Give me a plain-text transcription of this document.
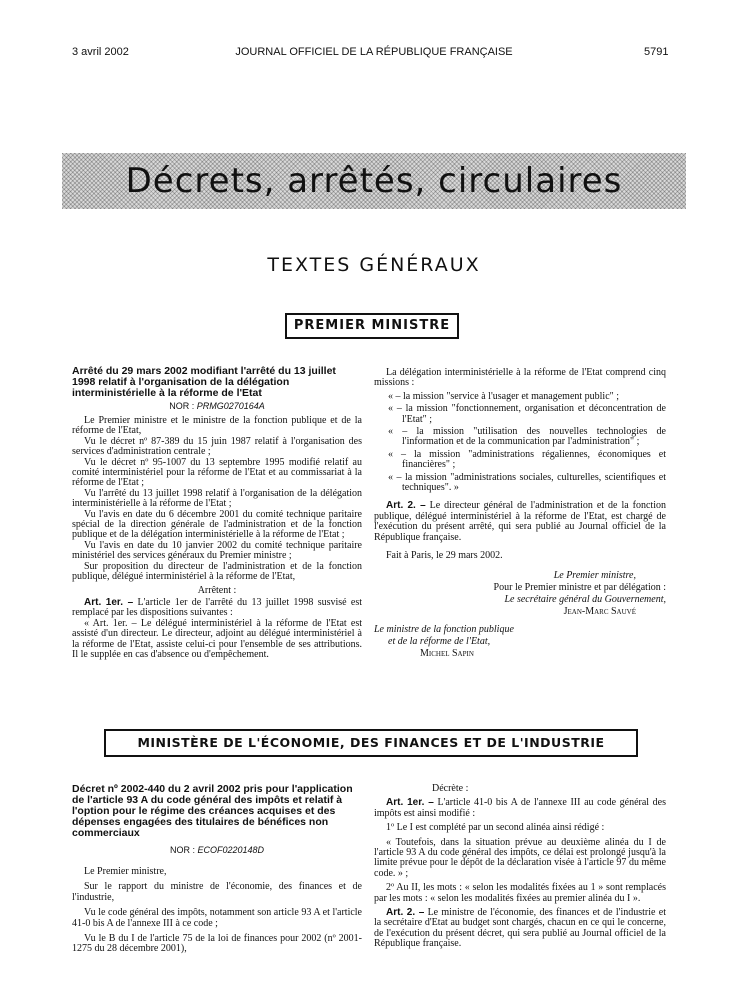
3 avril 2002	JOURNAL OFFICIEL DE LA RÉPUBLIQUE FRANÇAISE	5791
Décrets, arrêtés, circulaires
TEXTES GÉNÉRAUX
PREMIER MINISTRE
Arrêté du 29 mars 2002 modifiant l'arrêté du 13 juillet 1998 relatif à l'organisation de la délégation interministérielle à la réforme de l'Etat
NOR : PRMG0270164A

Le Premier ministre et le ministre de la fonction publique et de la réforme de l'Etat,

Vu le décret nº 87-389 du 15 juin 1987 relatif à l'organisation des services d'administration centrale ;

Vu le décret nº 95-1007 du 13 septembre 1995 modifié relatif au comité interministériel pour la réforme de l'Etat et au commissariat à la réforme de l'Etat ;

Vu l'arrêté du 13 juillet 1998 relatif à l'organisation de la délégation interministérielle à la réforme de l'Etat ;

Vu l'avis en date du 6 décembre 2001 du comité technique paritaire spécial de la direction générale de l'administration et de la fonction publique et de la délégation interministérielle à la réforme de l'Etat ;

Vu l'avis en date du 10 janvier 2002 du comité technique paritaire ministériel des services généraux du Premier ministre ;

Sur proposition du directeur de l'administration et de la fonction publique, délégué interministériel à la réforme de l'Etat,

Arrêtent :

Art. 1er. – L'article 1er de l'arrêté du 13 juillet 1998 susvisé est remplacé par les dispositions suivantes :

« Art. 1er. – Le délégué interministériel à la réforme de l'Etat est assisté d'un directeur. Le directeur, adjoint au délégué interministériel à la réforme de l'Etat, assiste celui-ci pour l'ensemble de ses attributions. Il le supplée en cas d'absence ou d'empêchement.

La délégation interministérielle à la réforme de l'Etat comprend cinq missions :

« – la mission "service à l'usager et management public" ;

« – la mission "fonctionnement, organisation et déconcentration de l'Etat" ;

« – la mission "utilisation des nouvelles technologies de l'information et de la communication par l'administration" ;

« – la mission "administrations régaliennes, économiques et financières" ;

« – la mission "administrations sociales, culturelles, scientifiques et techniques". »

Art. 2. – Le directeur général de l'administration et de la fonction publique, délégué interministériel à la réforme de l'Etat, est chargé de l'exécution du présent arrêté, qui sera publié au Journal officiel de la République française.

Fait à Paris, le 29 mars 2002.

Le Premier ministre,
Pour le Premier ministre et par délégation :
Le secrétaire général du Gouvernement,
Jean-Marc Sauvé
Le ministre de la fonction publique
et de la réforme de l'Etat,
Michel Sapin
MINISTÈRE DE L'ÉCONOMIE, DES FINANCES ET DE L'INDUSTRIE
Décret nº 2002-440 du 2 avril 2002 pris pour l'application de l'article 93 A du code général des impôts et relatif à l'option pour le régime des créances acquises et des dépenses engagées des titulaires de bénéfices non commerciaux
NOR : ECOF0220148D

Le Premier ministre,

Sur le rapport du ministre de l'économie, des finances et de l'industrie,

Vu le code général des impôts, notamment son article 93 A et l'article 41-0 bis A de l'annexe III à ce code ;

Vu le B du I de l'article 75 de la loi de finances pour 2002 (nº 2001-1275 du 28 décembre 2001),

Décrète :

Art. 1er. – L'article 41-0 bis A de l'annexe III au code général des impôts est ainsi modifié :

1º Le I est complété par un second alinéa ainsi rédigé :

« Toutefois, dans la situation prévue au deuxième alinéa du I de l'article 93 A du code général des impôts, ce délai est prolongé jusqu'à la limite prévue pour le dépôt de la déclaration visée à l'article 97 du même code. » ;

2º Au II, les mots : « selon les modalités fixées au 1 » sont remplacés par les mots : « selon les modalités fixées au premier alinéa du I ».

Art. 2. – Le ministre de l'économie, des finances et de l'industrie et la secrétaire d'Etat au budget sont chargés, chacun en ce qui le concerne, de l'exécution du présent décret, qui sera publié au Journal officiel de la République française.
